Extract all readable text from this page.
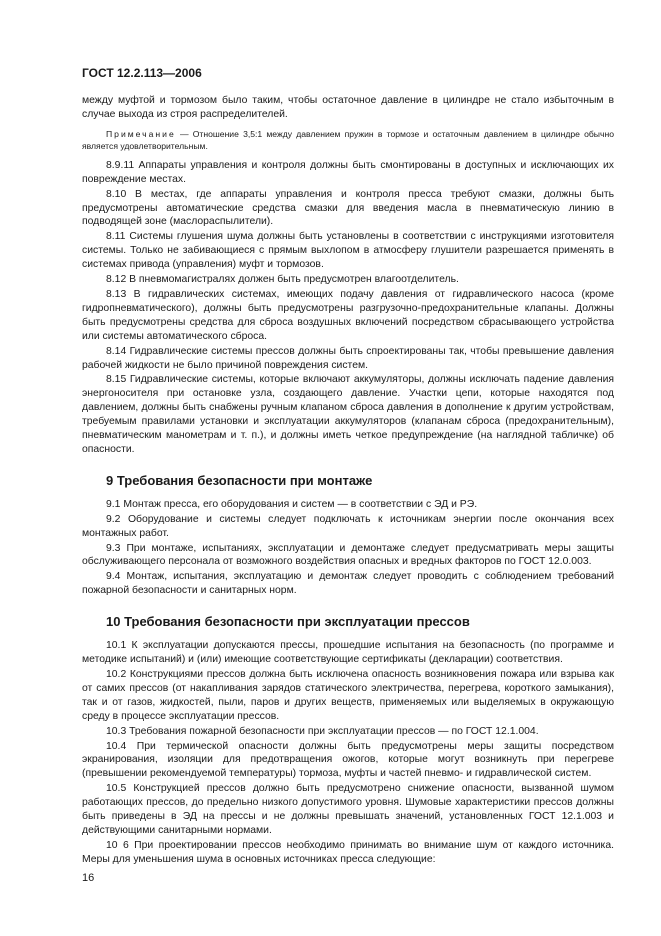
ГОСТ 12.2.113—2006

между муфтой и тормозом было таким, чтобы остаточное давление в цилиндре не стало избыточным в случае выхода из строя распределителей.

Примечание — Отношение 3,5:1 между давлением пружин в тормозе и остаточным давлением в цилиндре обычно является удовлетворительным.

8.9.11 Аппараты управления и контроля должны быть смонтированы в доступных и исключающих их повреждение местах.

8.10 В местах, где аппараты управления и контроля пресса требуют смазки, должны быть предусмотрены автоматические средства смазки для введения масла в пневматическую линию в подводящей зоне (маслораспылители).

8.11 Системы глушения шума должны быть установлены в соответствии с инструкциями изготовителя системы. Только не забивающиеся с прямым выхлопом в атмосферу глушители разрешается применять в системах привода (управления) муфт и тормозов.

8.12 В пневмомагистралях должен быть предусмотрен влагоотделитель.

8.13 В гидравлических системах, имеющих подачу давления от гидравлического насоса (кроме гидропневматического), должны быть предусмотрены разгрузочно-предохранительные клапаны. Должны быть предусмотрены средства для сброса воздушных включений посредством сбрасывающего устройства или системы автоматического сброса.

8.14 Гидравлические системы прессов должны быть спроектированы так, чтобы превышение давления рабочей жидкости не было причиной повреждения систем.

8.15 Гидравлические системы, которые включают аккумуляторы, должны исключать падение давления энергоносителя при остановке узла, создающего давление. Участки цепи, которые находятся под давлением, должны быть снабжены ручным клапаном сброса давления в дополнение к другим устройствам, требуемым правилами установки и эксплуатации аккумуляторов (клапанам сброса (предохранительным), пневматическим манометрам и т. п.), и должны иметь четкое предупреждение (на наглядной табличке) об опасности.

9 Требования безопасности при монтаже

9.1 Монтаж пресса, его оборудования и систем — в соответствии с ЭД и РЭ.

9.2 Оборудование и системы следует подключать к источникам энергии после окончания всех монтажных работ.

9.3 При монтаже, испытаниях, эксплуатации и демонтаже следует предусматривать меры защиты обслуживающего персонала от возможного воздействия опасных и вредных факторов по ГОСТ 12.0.003.

9.4 Монтаж, испытания, эксплуатацию и демонтаж следует проводить с соблюдением требований пожарной безопасности и санитарных норм.

10 Требования безопасности при эксплуатации прессов

10.1 К эксплуатации допускаются прессы, прошедшие испытания на безопасность (по программе и методике испытаний) и (или) имеющие соответствующие сертификаты (декларации) соответствия.

10.2 Конструкциями прессов должна быть исключена опасность возникновения пожара или взрыва как от самих прессов (от накапливания зарядов статического электричества, перегрева, короткого замыкания), так и от газов, жидкостей, пыли, паров и других веществ, применяемых или выделяемых в окружающую среду в процессе эксплуатации прессов.

10.3 Требования пожарной безопасности при эксплуатации прессов — по ГОСТ 12.1.004.

10.4 При термической опасности должны быть предусмотрены меры защиты посредством экранирования, изоляции для предотвращения ожогов, которые могут возникнуть при перегреве (превышении рекомендуемой температуры) тормоза, муфты и частей пневмо- и гидравлической систем.

10.5 Конструкцией прессов должно быть предусмотрено снижение опасности, вызванной шумом работающих прессов, до предельно низкого допустимого уровня. Шумовые характеристики прессов должны быть приведены в ЭД на прессы и не должны превышать значений, установленных ГОСТ 12.1.003 и действующими санитарными нормами.

10 6 При проектировании прессов необходимо принимать во внимание шум от каждого источника. Меры для уменьшения шума в основных источниках пресса следующие:

16
